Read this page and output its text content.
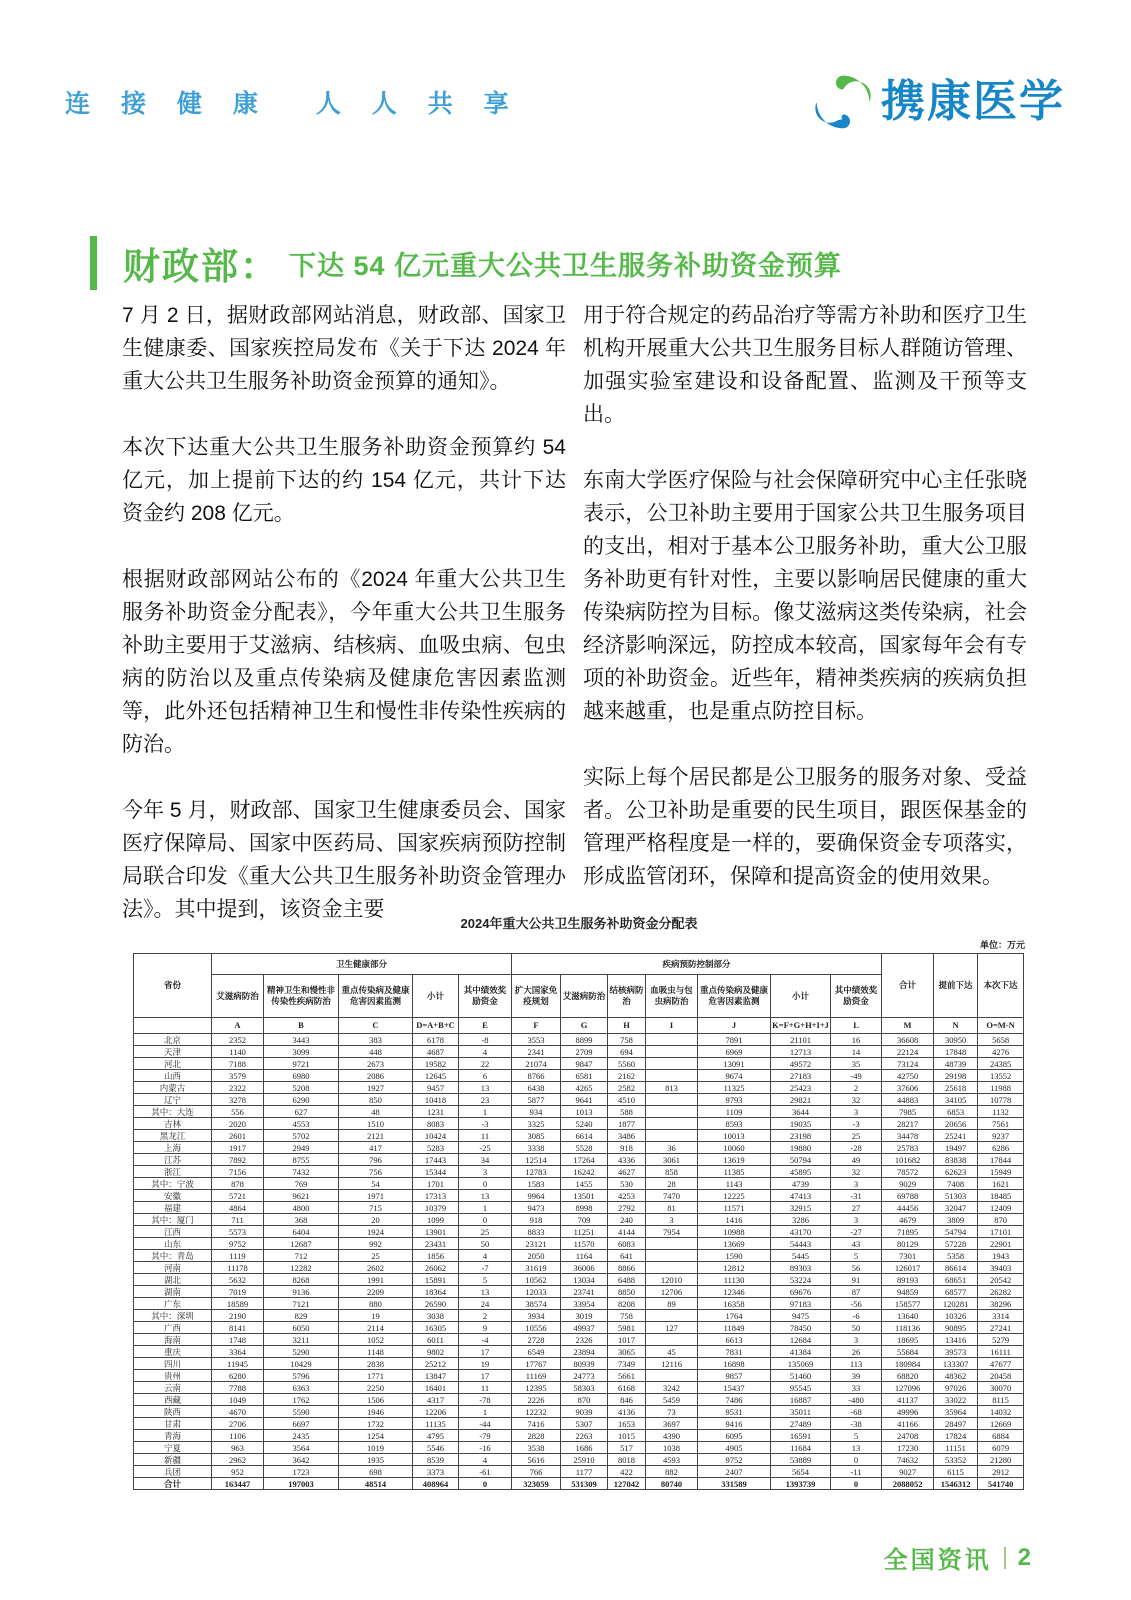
连 接 健 康 人 人 共 享	携康医学
财政部： 下达 54 亿元重大公共卫生服务补助资金预算

7 月 2 日，据财政部网站消息，财政部、国家卫生健康委、国家疾控局发布《关于下达 2024 年重大公共卫生服务补助资金预算的通知》。

本次下达重大公共卫生服务补助资金预算约 54 亿元，加上提前下达的约 154 亿元，共计下达资金约 208 亿元。

根据财政部网站公布的《2024 年重大公共卫生服务补助资金分配表》，今年重大公共卫生服务补助主要用于艾滋病、结核病、血吸虫病、包虫病的防治以及重点传染病及健康危害因素监测等，此外还包括精神卫生和慢性非传染性疾病的防治。

今年 5 月，财政部、国家卫生健康委员会、国家医疗保障局、国家中医药局、国家疾病预防控制局联合印发《重大公共卫生服务补助资金管理办法》。其中提到，该资金主要

用于符合规定的药品治疗等需方补助和医疗卫生机构开展重大公共卫生服务目标人群随访管理、加强实验室建设和设备配置、监测及干预等支出。

东南大学医疗保险与社会保障研究中心主任张晓表示，公卫补助主要用于国家公共卫生服务项目的支出，相对于基本公卫服务补助，重大公卫服务补助更有针对性，主要以影响居民健康的重大传染病防控为目标。像艾滋病这类传染病，社会经济影响深远，防控成本较高，国家每年会有专项的补助资金。近些年，精神类疾病的疾病负担越来越重，也是重点防控目标。

实际上每个居民都是公卫服务的服务对象、受益者。公卫补助是重要的民生项目，跟医保基金的管理严格程度是一样的，要确保资金专项落实，形成监管闭环，保障和提高资金的使用效果。

2024年重大公共卫生服务补助资金分配表
单位：万元
省份	卫生健康部分					疾病预防控制部分							合计	提前下达	本次下达
	艾滋病防治	精神卫生和慢性非传染性疾病防治	重点传染病及健康危害因素监测	小计	其中绩效奖励资金	扩大国家免疫规划	艾滋病防治	结核病防治	血吸虫与包虫病防治	重点传染病及健康危害因素监测	小计	其中绩效奖励资金			
	A	B	C	D=A+B+C	E	F	G	H	I	J	K=F+G+H+I+J	L	M	N	O=M-N
北京	2352	3443	383	6178	-8	3553	8899	758		7891	21101	16	36608	30950	5658
天津	1140	3099	448	4687	4	2341	2709	694		6969	12713	14	22124	17848	4276
河北	7188	9721	2673	19582	22	21074	9847	5560		13091	49572	35	73124	48739	24385
山西	3579	6980	2086	12645	6	8766	6581	2162		9674	27183	-49	42750	29198	13552
内蒙古	2322	5208	1927	9457	13	6438	4265	2582	813	11325	25423	2	37606	25618	11988
辽宁	3278	6290	850	10418	23	5877	9641	4510		9793	29821	32	44883	34105	10778
其中：大连	556	627	48	1231	1	934	1013	588		1109	3644	3	7985	6853	1132
吉林	2020	4553	1510	8083	-3	3325	5240	1877		8593	19035	-3	28217	20656	7561
黑龙江	2601	5702	2121	10424	11	3085	6614	3486		10013	23198	25	34478	25241	9237
上海	1917	2949	417	5283	-25	3338	5528	918	36	10060	19880	-28	25783	19497	6286
江苏	7892	8755	796	17443	34	12514	17264	4336	3061	13619	50794	49	101682	83838	17844
浙江	7156	7432	756	15344	3	12783	16242	4627	858	11385	45895	32	78572	62623	15949
其中：宁波	878	769	54	1701	0	1583	1455	530	28	1143	4739	3	9029	7408	1621
安徽	5721	9621	1971	17313	13	9964	13501	4253	7470	12225	47413	-31	69788	51303	18485
福建	4864	4800	715	10379	1	9473	8998	2792	81	11571	32915	27	44456	32047	12409
其中：厦门	711	368	20	1099	0	918	709	240	3	1416	3286	3	4679	3809	870
江西	5573	6404	1924	13901	25	8833	11251	4144	7954	10988	43170	-27	71895	54794	17101
山东	9752	12687	992	23431	50	23121	11570	6083		13669	54443	43	80129	57228	22901
其中：青岛	1119	712	25	1856	4	2050	1164	641		1590	5445	5	7301	5358	1943
河南	11178	12282	2602	26062	-7	31619	36006	8866		12812	89303	56	126017	86614	39403
湖北	5632	8268	1991	15891	5	10562	13034	6488	12010	11130	53224	91	89193	68651	20542
湖南	7019	9136	2209	18364	13	12033	23741	8850	12706	12346	69676	87	94859	68577	26282
广东	18589	7121	880	26590	24	38574	33954	8208	89	16358	97183	-56	158577	120281	38296
其中：深圳	2190	829	19	3038	2	3934	3019	758		1764	9475	-6	13640	10326	3314
广西	8141	6050	2114	16305	9	10556	49937	5981	127	11849	78450	50	118136	90895	27241
海南	1748	3211	1052	6011	-4	2728	2326	1017		6613	12684	3	18695	13416	5279
重庆	3364	5290	1148	9802	17	6549	23894	3065	45	7831	41384	26	55684	39573	16111
四川	11945	10429	2838	25212	19	17767	80939	7349	12116	16898	135069	113	180984	133307	47677
贵州	6280	5796	1771	13847	17	11169	24773	5661		9857	51460	39	68820	48362	20458
云南	7788	6363	2250	16401	11	12395	58303	6168	3242	15437	95545	33	127096	97026	30070
西藏	1049	1762	1506	4317	-78	2226	870	846	5459	7486	16887	-480	41137	33022	8115
陕西	4670	5590	1946	12206	1	12232	9039	4136	73	9531	35011	-68	49996	35964	14032
甘肃	2706	6697	1732	11135	-44	7416	5307	1653	3697	9416	27489	-38	41166	28497	12669
青海	1106	2435	1254	4795	-79	2828	2263	1015	4390	6095	16591	5	24708	17824	6884
宁夏	963	3564	1019	5546	-16	3538	1686	517	1038	4905	11684	13	17230	11151	6079
新疆	2962	3642	1935	8539	4	5616	25910	8018	4593	9752	53889	0	74632	53352	21280
兵团	952	1723	698	3373	-61	766	1177	422	882	2407	5654	-11	9027	6115	2912
合计	163447	197003	48514	408964	0	323059	531309	127042	80740	331589	1393739	0	2088052	1546312	541740
全国资讯 2
